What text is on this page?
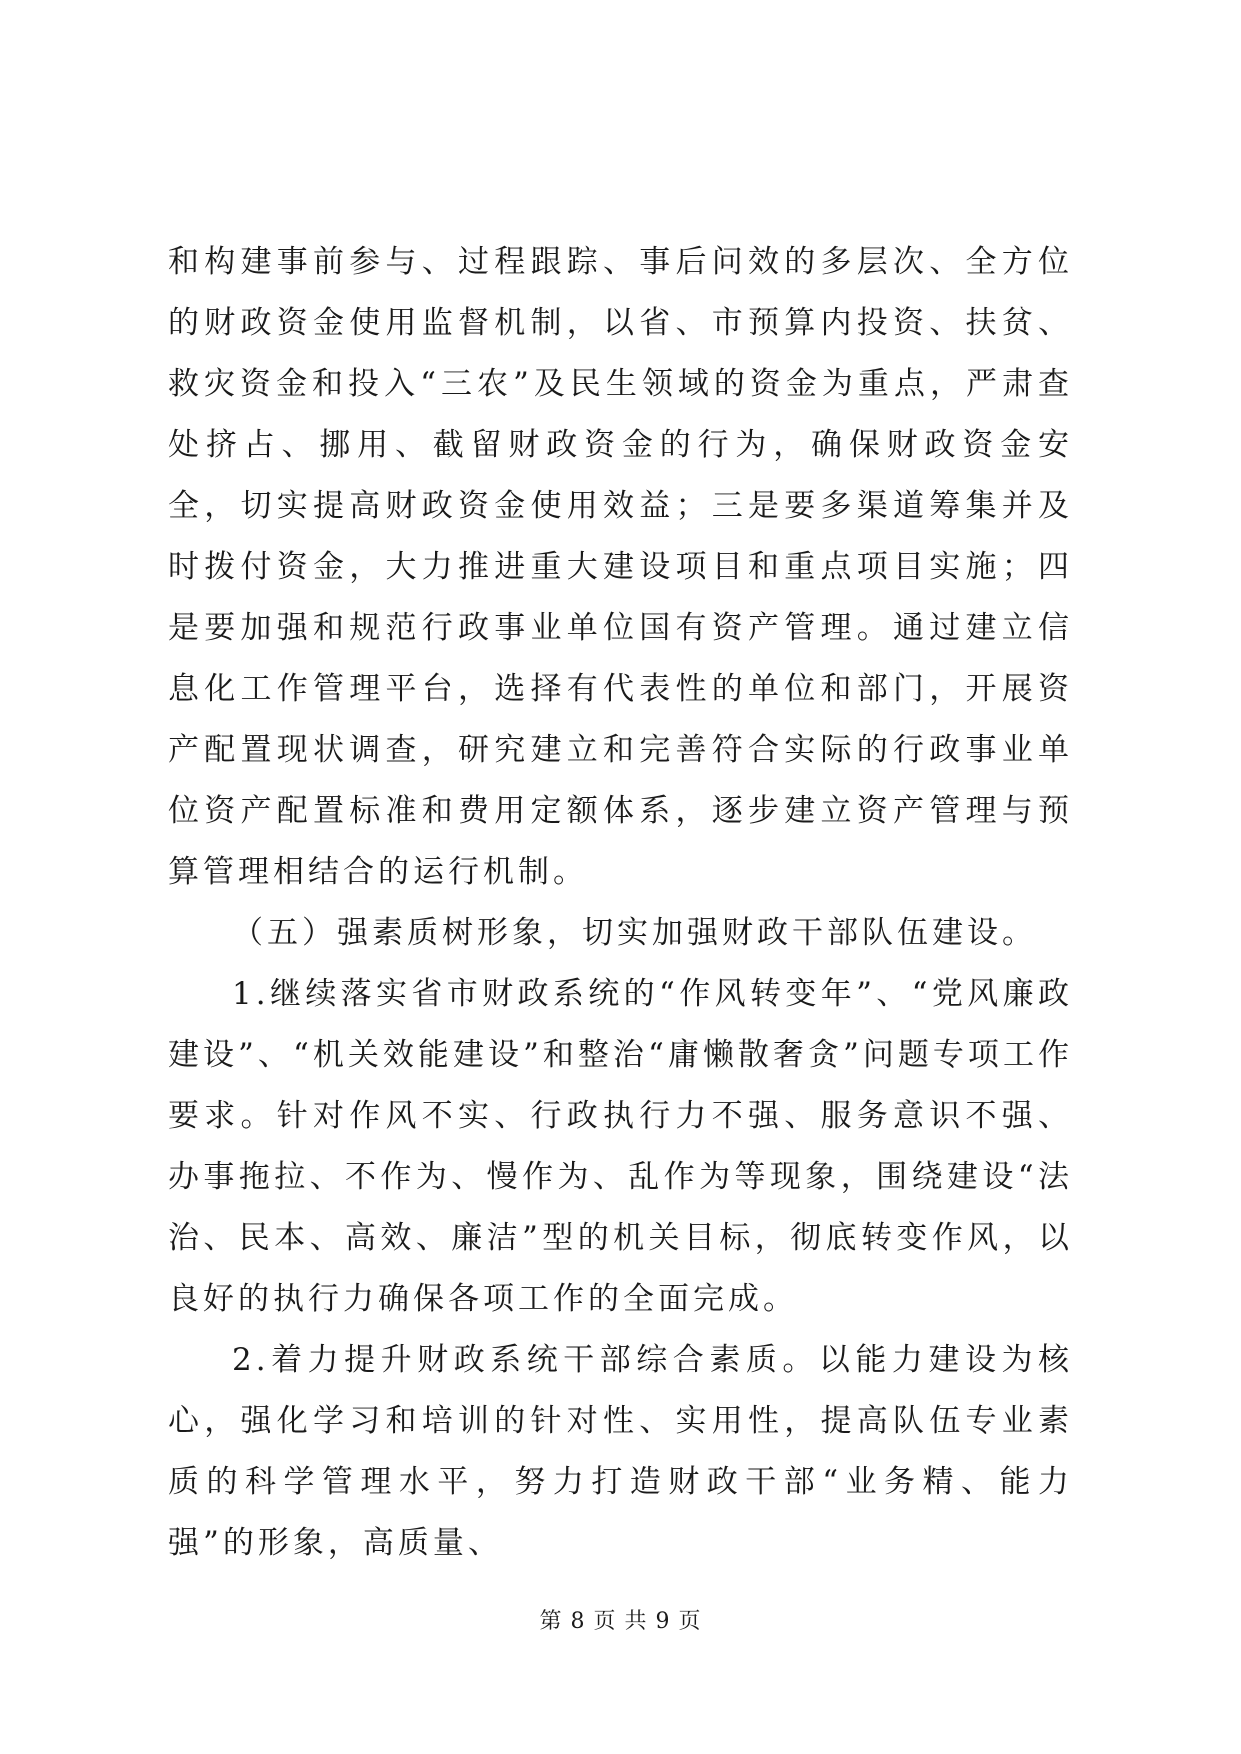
和构建事前参与、过程跟踪、事后问效的多层次、全方位的财政资金使用监督机制，以省、市预算内投资、扶贫、救灾资金和投入“三农”及民生领域的资金为重点，严肃查处挤占、挪用、截留财政资金的行为，确保财政资金安全，切实提高财政资金使用效益；三是要多渠道筹集并及时拨付资金，大力推进重大建设项目和重点项目实施；四是要加强和规范行政事业单位国有资产管理。通过建立信息化工作管理平台，选择有代表性的单位和部门，开展资产配置现状调查，研究建立和完善符合实际的行政事业单位资产配置标准和费用定额体系，逐步建立资产管理与预算管理相结合的运行机制。

（五）强素质树形象，切实加强财政干部队伍建设。

1.继续落实省市财政系统的“作风转变年”、“党风廉政建设”、“机关效能建设”和整治“庸懒散奢贪”问题专项工作要求。针对作风不实、行政执行力不强、服务意识不强、办事拖拉、不作为、慢作为、乱作为等现象，围绕建设“法治、民本、高效、廉洁”型的机关目标，彻底转变作风，以良好的执行力确保各项工作的全面完成。

2.着力提升财政系统干部综合素质。以能力建设为核心，强化学习和培训的针对性、实用性，提高队伍专业素质的科学管理水平，努力打造财政干部“业务精、能力强”的形象，高质量、

第 8 页 共 9 页
